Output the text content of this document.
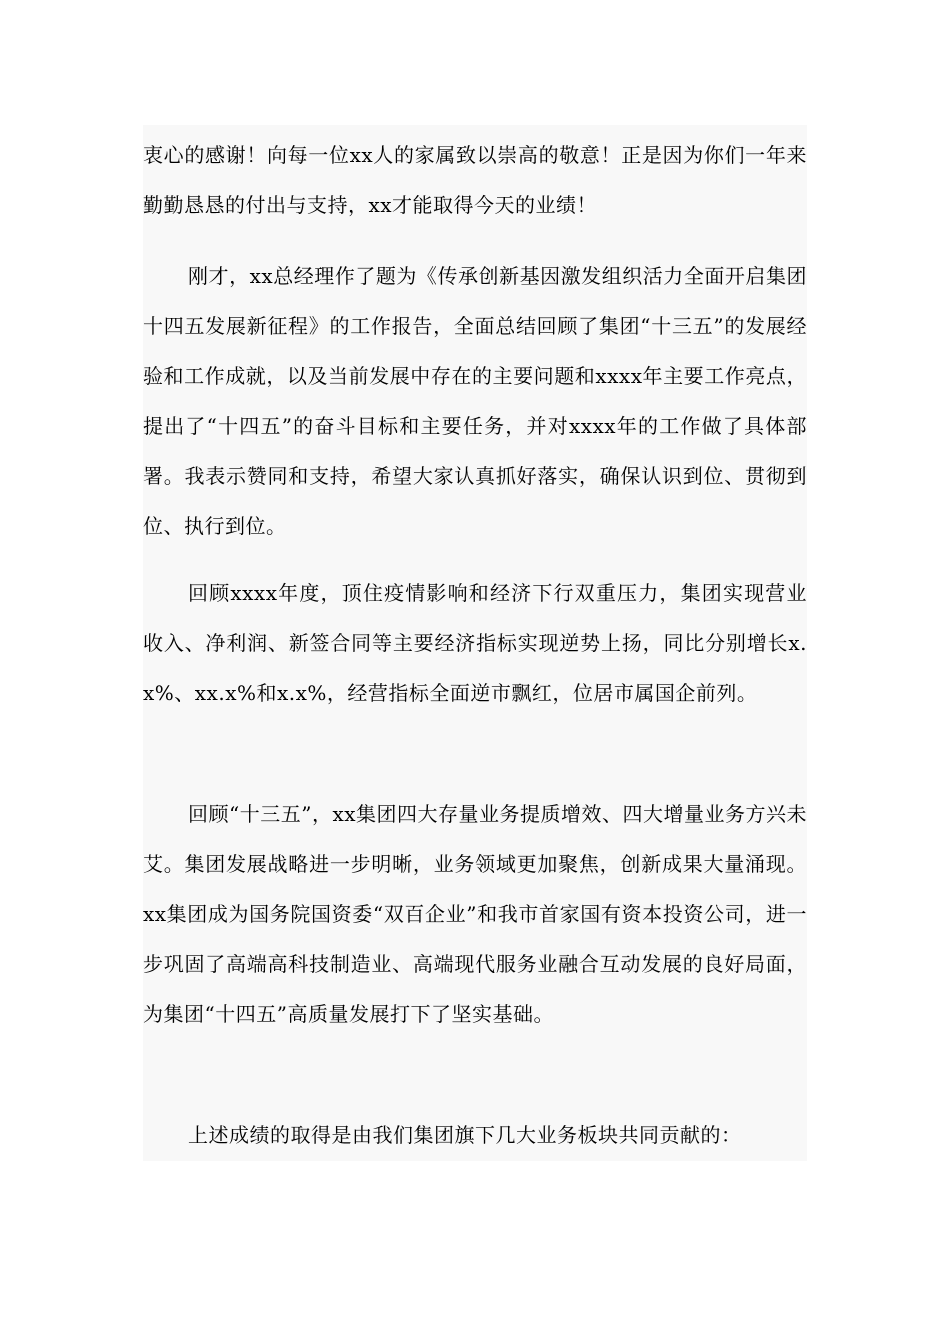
衷心的感谢！向每一位xx人的家属致以崇高的敬意！正是因为你们一年来勤勤恳恳的付出与支持，xx才能取得今天的业绩！

刚才，xx总经理作了题为《传承创新基因激发组织活力全面开启集团十四五发展新征程》的工作报告，全面总结回顾了集团“十三五”的发展经验和工作成就，以及当前发展中存在的主要问题和xxxx年主要工作亮点，提出了“十四五”的奋斗目标和主要任务，并对xxxx年的工作做了具体部署。我表示赞同和支持，希望大家认真抓好落实，确保认识到位、贯彻到位、执行到位。

回顾xxxx年度，顶住疫情影响和经济下行双重压力，集团实现营业收入、净利润、新签合同等主要经济指标实现逆势上扬，同比分别增长x.x%、xx.x%和x.x%，经营指标全面逆市飘红，位居市属国企前列。

回顾“十三五”，xx集团四大存量业务提质增效、四大增量业务方兴未艾。集团发展战略进一步明晰，业务领域更加聚焦，创新成果大量涌现。xx集团成为国务院国资委“双百企业”和我市首家国有资本投资公司，进一步巩固了高端高科技制造业、高端现代服务业融合互动发展的良好局面，为集团“十四五”高质量发展打下了坚实基础。

上述成绩的取得是由我们集团旗下几大业务板块共同贡献的：
